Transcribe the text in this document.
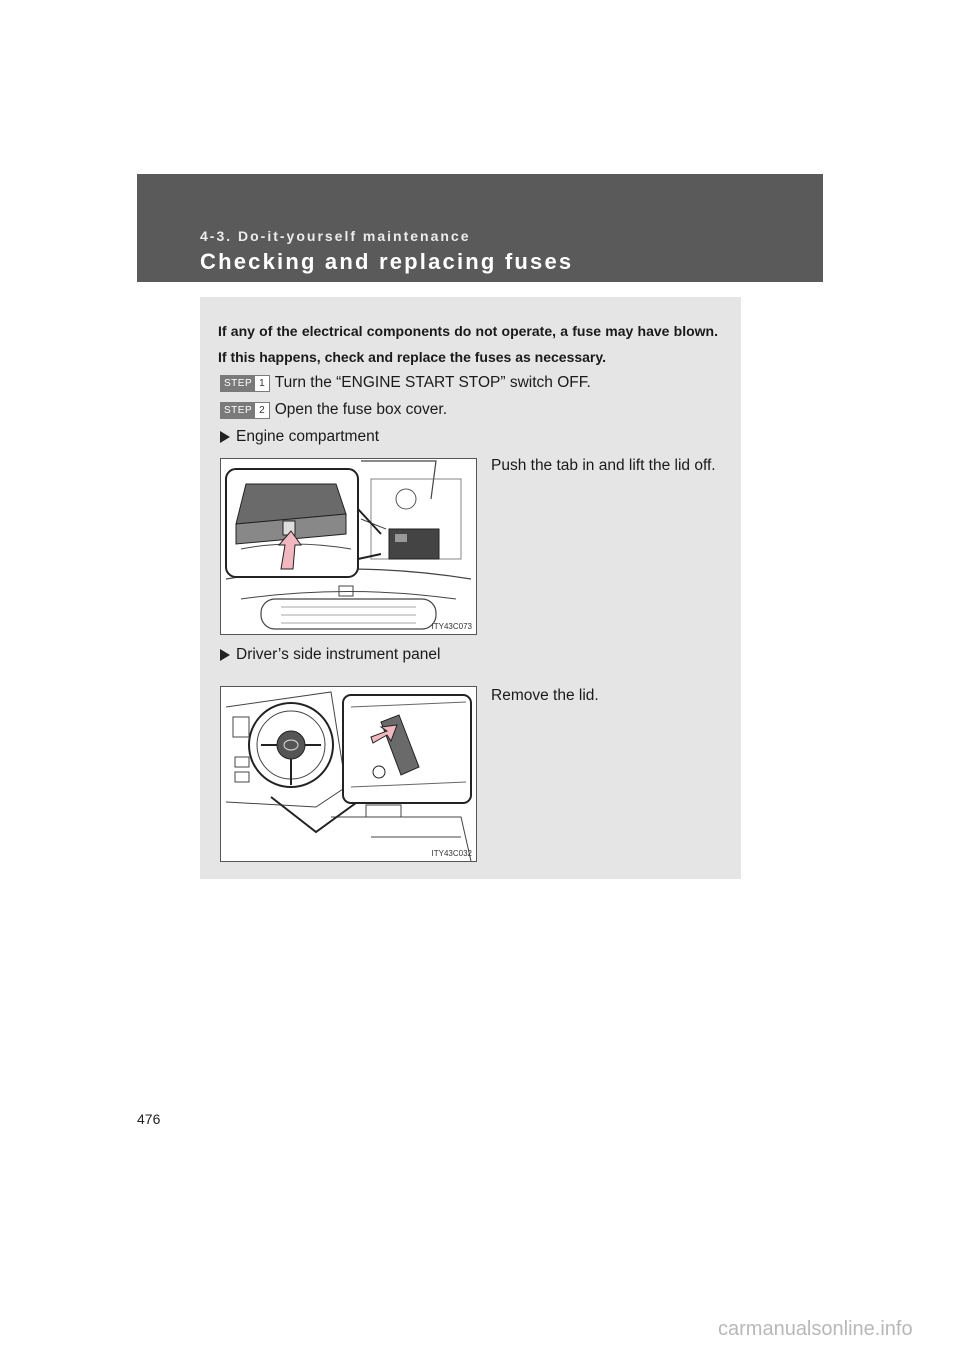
4-3. Do-it-yourself maintenance
Checking and replacing fuses
If any of the electrical components do not operate, a fuse may have blown. If this happens, check and replace the fuses as necessary.
STEP 1 Turn the “ENGINE START STOP” switch OFF.
STEP 2 Open the fuse box cover.
Engine compartment
Push the tab in and lift the lid off.
ITY43C073
Driver’s side instrument panel
Remove the lid.
ITY43C032
476
carmanualsonline.info
